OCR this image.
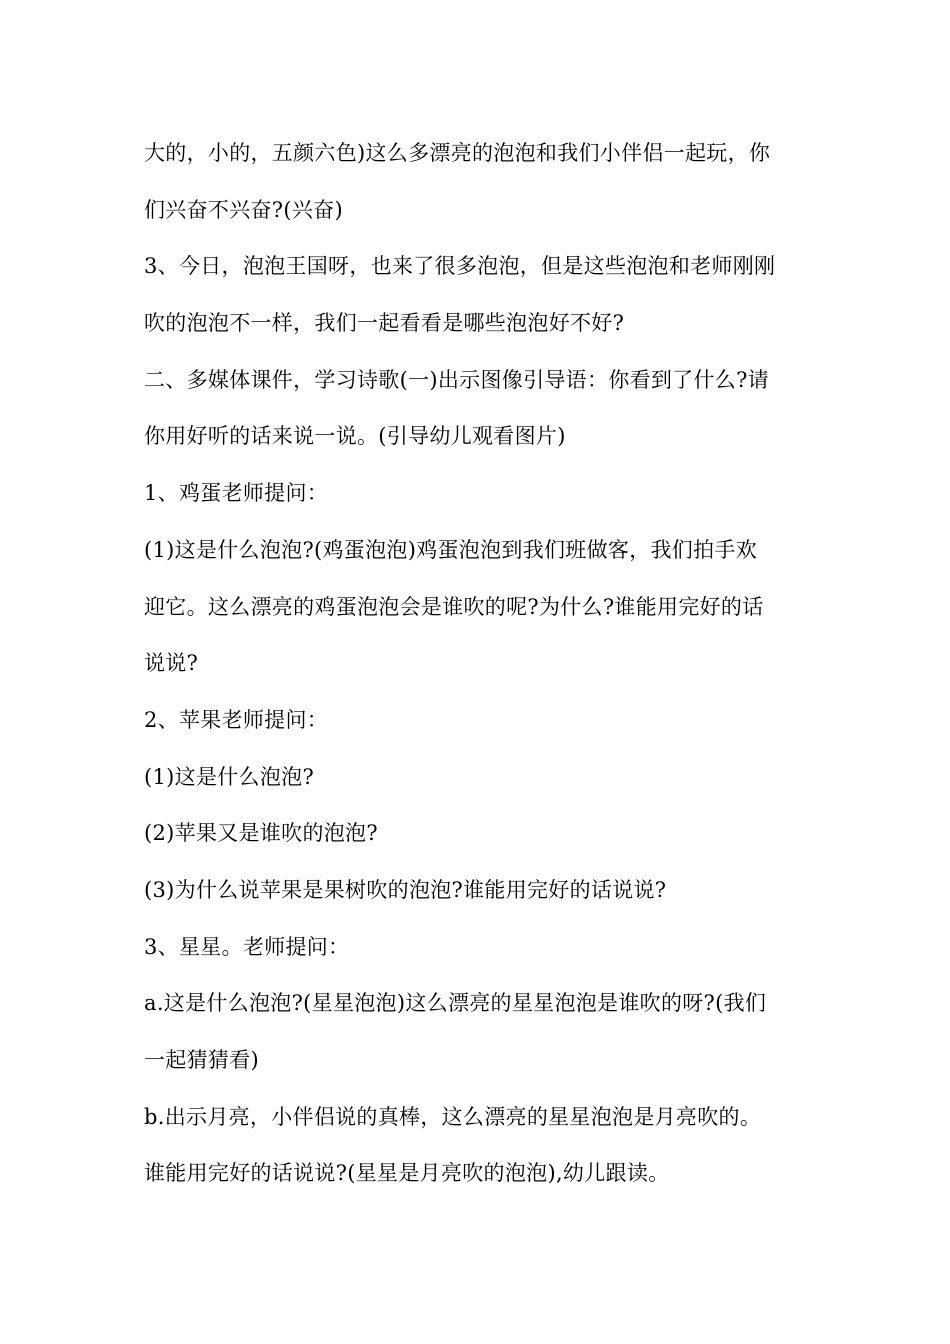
大的，小的，五颜六色)这么多漂亮的泡泡和我们小伴侣一起玩，你
们兴奋不兴奋?(兴奋)
3、今日，泡泡王国呀，也来了很多泡泡，但是这些泡泡和老师刚刚
吹的泡泡不一样，我们一起看看是哪些泡泡好不好?
二、多媒体课件，学习诗歌(一)出示图像引导语：你看到了什么?请
你用好听的话来说一说。(引导幼儿观看图片)
1、鸡蛋老师提问：
(1)这是什么泡泡?(鸡蛋泡泡)鸡蛋泡泡到我们班做客，我们拍手欢
迎它。这么漂亮的鸡蛋泡泡会是谁吹的呢?为什么?谁能用完好的话
说说?
2、苹果老师提问：
(1)这是什么泡泡?
(2)苹果又是谁吹的泡泡?
(3)为什么说苹果是果树吹的泡泡?谁能用完好的话说说?
3、星星。老师提问：
a.这是什么泡泡?(星星泡泡)这么漂亮的星星泡泡是谁吹的呀?(我们
一起猜猜看)
b.出示月亮，小伴侣说的真棒，这么漂亮的星星泡泡是月亮吹的。
谁能用完好的话说说?(星星是月亮吹的泡泡),幼儿跟读。
